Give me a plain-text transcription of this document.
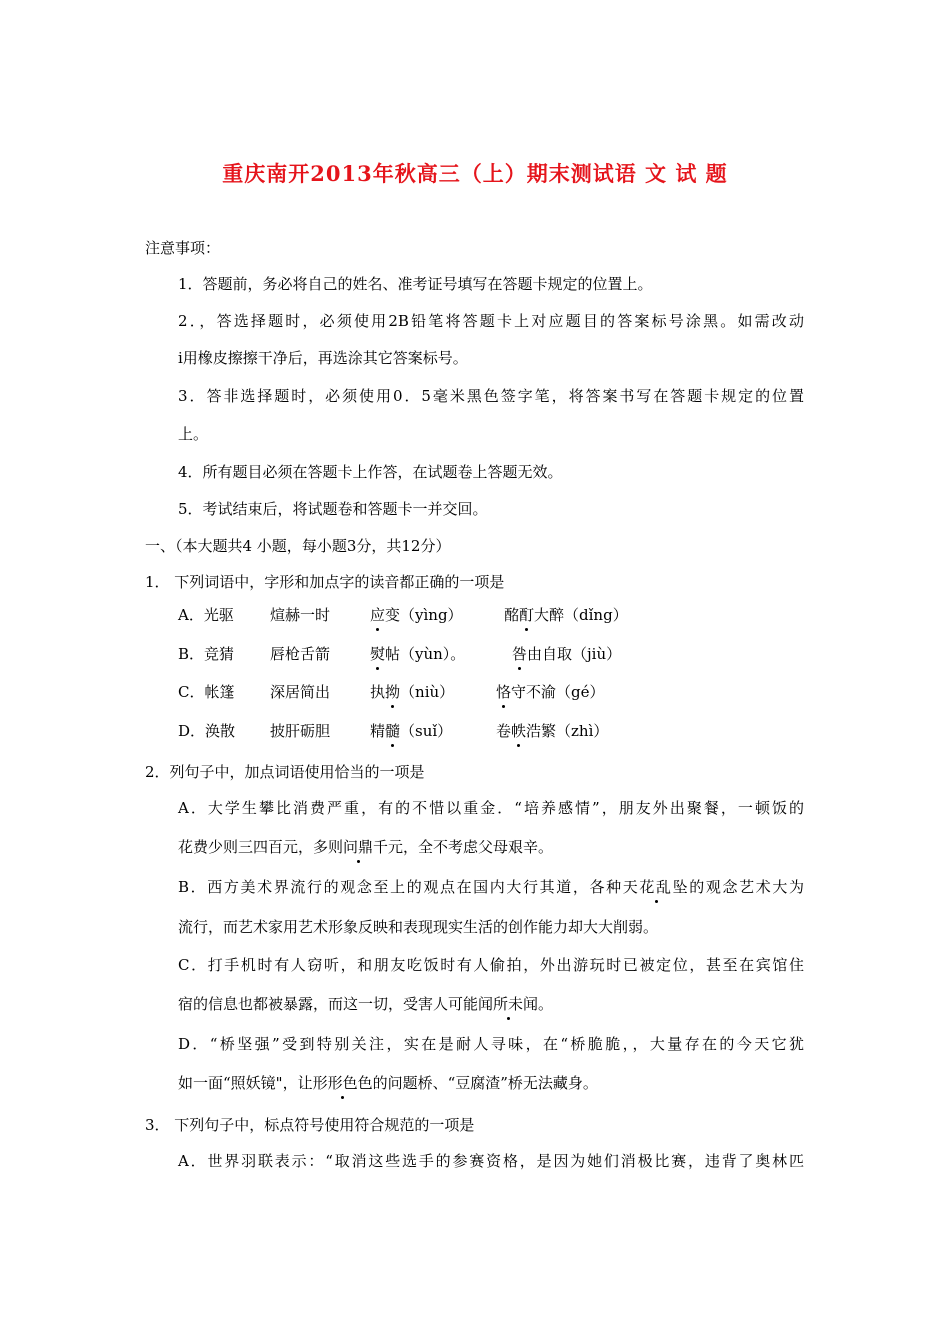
重庆南开2013年秋高三（上）期末测试语 文 试 题
注意事项：
1．答题前，务必将自己的姓名、准考证号填写在答题卡规定的位置上。
2．，答选择题时，必须使用2B铅笔将答题卡上对应题目的答案标号涂黑。如需改动
i用橡皮擦擦干净后，再选涂其它答案标号。
3．答非选择题时，必须使用0．5毫米黑色签字笔，将答案书写在答题卡规定的位置
上。
4．所有题目必须在答题卡上作答，在试题卷上答题无效。
5．考试结束后，将试题卷和答题卡一并交回。
一、（本大题共4 小题，每小题3分，共12分）
1． 下列词语中，字形和加点字的读音都正确的一项是
A．光驱 煊赫一时	应变（yìng）	酩酊大醉（dǐng）
B．竞猜 唇枪舌箭	熨帖（yùn）。	咎由自取（jiù）
C．帐篷 深居简出	执拗（niù）	恪守不渝（gé）
D．涣散 披肝砺胆	精髓（suǐ）	卷帙浩繁（zhì）
2．列句子中，加点词语使用恰当的一项是
A．大学生攀比消费严重，有的不惜以重金．“培养感情”，朋友外出聚餐，一顿饭的
花费少则三四百元，多则问鼎千元，全不考虑父母艰辛。
B．西方美术界流行的观念至上的观点在国内大行其道，各种天花乱坠的观念艺术大为
流行，而艺术家用艺术形象反映和表现现实生活的创作能力却大大削弱。
C．打手机时有人窃听，和朋友吃饭时有人偷拍，外出游玩时已被定位，甚至在宾馆住
宿的信息也都被暴露，而这一切，受害人可能闻所未闻。
D．“桥坚强”受到特别关注，实在是耐人寻味，在“桥脆脆，，大量存在的今天它犹
如一面“照妖镜"，让形形色色的问题桥、“豆腐渣”桥无法藏身。
3． 下列句子中，标点符号使用符合规范的一项是
A．世界羽联表示：“取消这些选手的参赛资格，是因为她们消极比赛，违背了奥林匹
